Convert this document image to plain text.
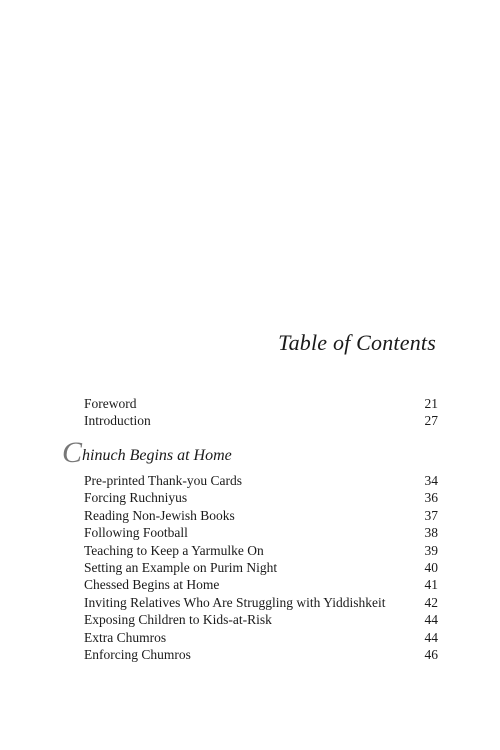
Table of Contents
Foreword	21
Introduction	27
Chinuch Begins at Home
Pre-printed Thank-you Cards	34
Forcing Ruchniyus	36
Reading Non-Jewish Books	37
Following Football	38
Teaching to Keep a Yarmulke On	39
Setting an Example on Purim Night	40
Chessed Begins at Home	41
Inviting Relatives Who Are Struggling with Yiddishkeit	42
Exposing Children to Kids-at-Risk	44
Extra Chumros	44
Enforcing Chumros	46
